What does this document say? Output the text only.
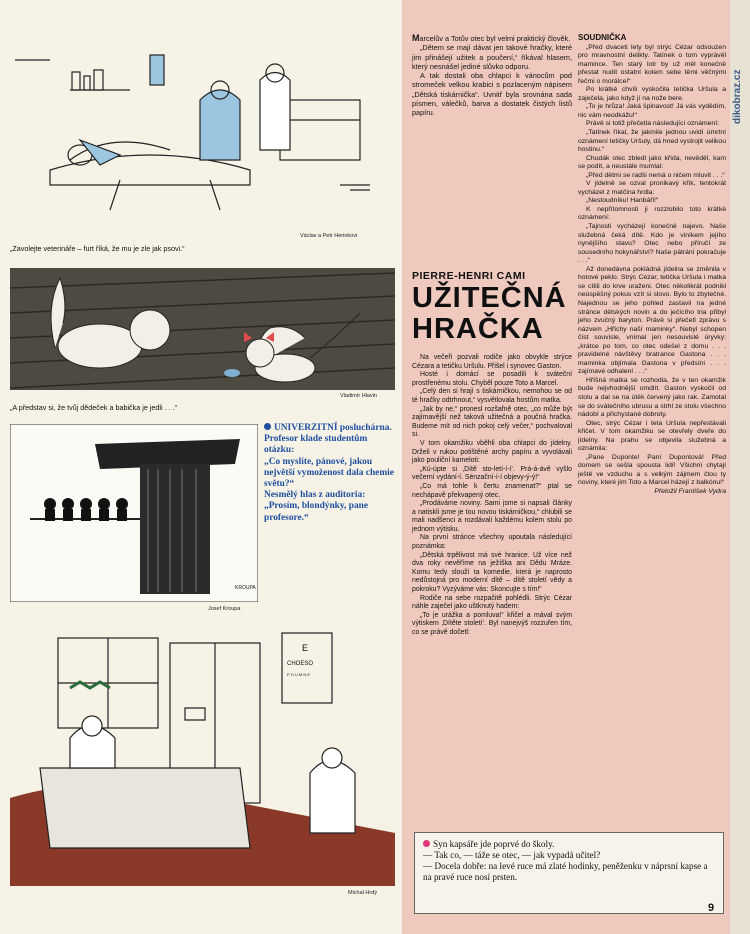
Václav a Petr Herinkovi
„Zavolejte veterináře – furt říká, že mu je zle jak psovi.“
Vladimír Hlavin
„A představ si, že tvůj dědeček a babička je jedli . . .“
KROUPA
Josef Kroupa
UNIVERZITNÍ posluchárna. Profesor klade studentům otázku:
„Co myslíte, pánové, jakou největší vymoženost dala chemie světu?“
Nesmělý hlas z auditoria:
„Prosím, blondýnky, pane profesore.“
E
CHOESO
P O U M N E
Michal Hrdý

Marcelův a Totův otec byl velmi praktický člověk.

„Dětem se mají dávat jen takové hračky, které jim přinášejí užitek a poučení,“ říkával hlasem, který nesnášel jediné slůvko odporu.

A tak dostali oba chlapci k vánocům pod stromeček velkou krabici s pozlaceným nápisem „Dětská tiskárnička“. Uvnitř byla srovnána sada písmen, válečků, barva a dostatek čistých listů papíru.

PIERRE-HENRI CAMI
UŽITEČNÁ
HRAČKA

Na večeři pozvali rodiče jako obvykle strýce Cézara a tetičku Uršulu. Přišel i synovec Gaston.

Hosté i domácí se posadili k sváteční prostřenému stolu. Chyběl pouze Toto a Marcel.

„Celý den si hrají s tiskárničkou, nemohou se od té hračky odtrhnout,“ vysvětlovala hostům matka.

„Jak by ne,“ pronesl rozšafně otec, „co může být zajímavější než taková užitečná a poučná hračka. Budeme mít od nich pokoj celý večer,“ pochvaloval si.

V tom okamžiku vběhli oba chlapci do jídelny. Drželi v rukou potištěné archy papíru a vyvolávali jako pouliční kameloti:

„Kú-úpte si ‚Dítě sto-letí-í-í‘. Prá-á-ávě vyšlo večerní vydání-í. Sénzační-í-í objevy-ý-ý!“

„Co má tohle k čertu znamenat?“ ptal se nechápavě překvapený otec.

„Prodáváme noviny. Sami jsme si napsali články a natiskli jsme je tou novou tiskárničkou,“ chlubili se mali nadšenci a rozdávali každému kolem stolu po jednom výtisku.

Na první stránce všechny upoutala následující poznámka:

„Dětská trpělivost má své hranice. Už více než dva roky nevěříme na ježíška ani Dědu Mráze. Komu tedy slouží ta komedie, která je naprosto nedůstojná pro moderní dítě – dítě století vědy a pokroku? Vyzýváme vás: Skoncujte s tím!“

Rodiče na sebe rozpačitě pohlédli. Strýc Cézar náhle zaječel jako uštknutý hadem:

„To je urážka a pomluva!“ křičel a mával svým výtiskem ‚Dítěte století‘. Byl nanejvýš rozzuřen tím, co se právě dočetl:

SOUDNIČKA

„Před dvaceti lety byl strýc Cézar odsouzen pro mravnostní delikty. Tatínek o tom vyprávěl mamince. Ten starý lotr by už měl konečně přestat nudit ostatní kolem sebe těmi věčnými řečmi o morálce!“

Po krátké chvíli vyskočila tetička Uršula a zaječela, jako když jí na nože bere.

„To je hrůza! Jaká špinavost! Já vás vydědím, nic vám neodkážu!“

Právě si totiž přečetla následující oznámení:

„Tatínek říkal, že jakmile jednou uvidí úmrtní oznámení tetičky Uršuly, dá hned vystrojit velikou hostinu.“

Chudák otec zbledl jako křída, nevěděl, kam se podít, a neustále mumlal:

„Před dětmi se radši nemá o ničem mluvit . . .“

V jídelně se ozval pronikavý křik, tentokrát vycházel z matčina hrdla:

„Nestoudníku! Hanbáři!“

K nepřítomnosti ji rozzlobilo toto krátké oznámení:

„Tajnosti vycházejí konečně najevo. Naše služebná čeká dítě. Kdo je viníkem jejího nynějšího stavu? Otec nebo příručí ze sousedního hokynářství? Naše pátrání pokračuje . . .“

Až donedávna pokládná jídelna se změnila v hotové peklo. Strýc Cézar, tetička Uršula i matka se cítili do krve uraženi. Otec několikrát podnikl neúspěšný pokus vzít si slovo. Bylo to zbytečné. Najednou se jeho pohled zastavil na jedné stránce dětských novin a do ječícího tria přibyl jeho zvučný baryton. Právě si přečetl zprávu s názvem „Hříchy naší maminky“. Nebyl schopen číst souvisle, vnímal jen nesouvislé úryvky: „krátce po tom, co otec odešel z domu . . . pravidelné návštěvy bratrance Gastona . . . maminka objímala Gastona v předsíni . . . zajímavé odhalení . . .“

Hříšná matka se rozhodla, že v ten okamžik bude nejvhodnější omdlít. Gaston vyskočil od stolu a dal se na útěk červený jako rak. Zamotal se do svátečního ubrusu a strhl ze stolu všechno nádobí a přichystané dobroty.

Otec, strýc Cézar i teta Uršula nepřestávali křičet. V tom okamžiku se otevřely dveře do jídelny. Na prahu se objevila služebná a oznámila:

„Pane Duponte! Paní Dupontová! Před domem se sešla spousta lidí! Všichni chytají ještě ve vzduchu a s velkým zájmem čtou ty noviny, které jim Toto a Marcel házejí z balkónu!“

Přeložil František Vydra
Syn kapsáře jde poprvé do školy.
— Tak co, — táže se otec, — jak vypadá učitel?
— Docela dobře: na levé ruce má zlaté hodinky, peněženku v náprsní kapse a na pravé ruce nosí prsten.
9
dikobraz.cz
